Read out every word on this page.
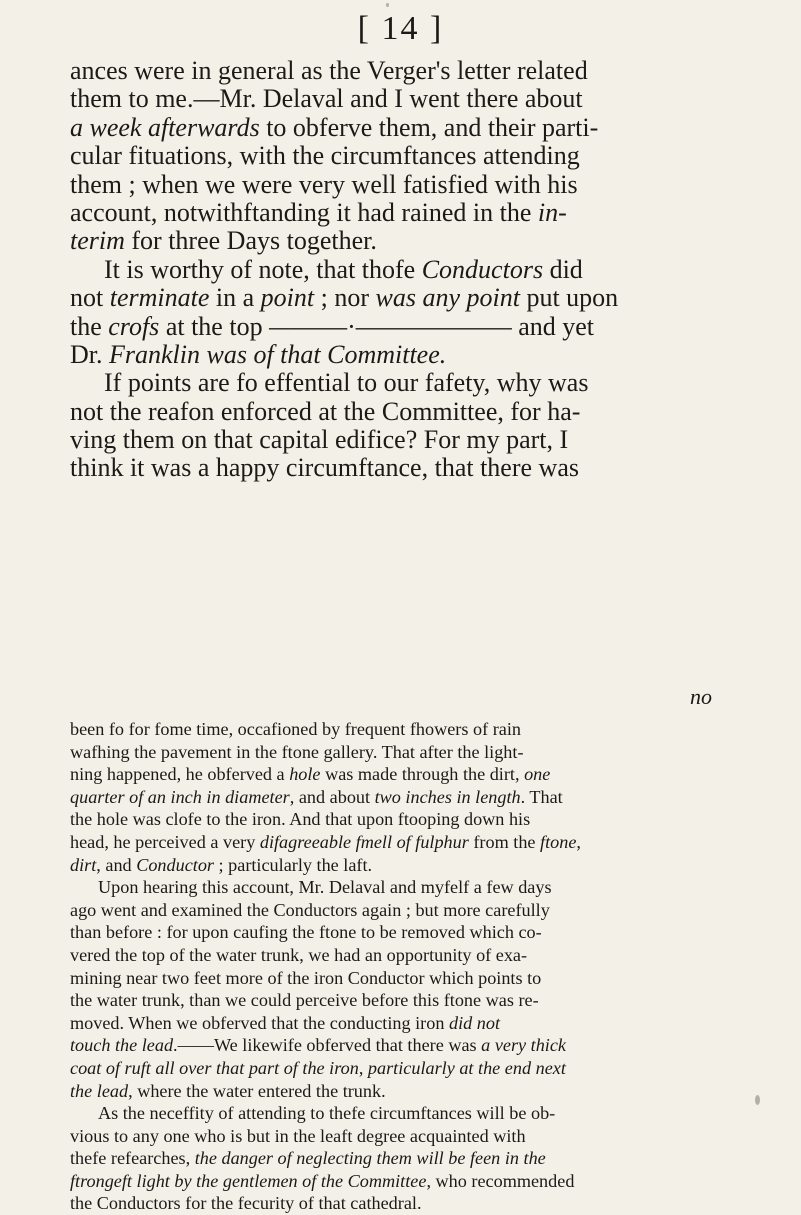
[ 14 ]
ances were in general as the Verger's letter related
them to me.—Mr. Delaval and I went there about
a week afterwards to obferve them, and their parti-
cular fituations, with the circumftances attending
them ; when we were very well fatisfied with his
account, notwithftanding it had rained in the in-
terim for three Days together.
It is worthy of note, that thofe Conductors did
not terminate in a point ; nor was any point put upon
the crofs at the top ———·—————— and yet
Dr. Franklin was of that Committee.
If points are fo effential to our fafety, why was
not the reafon enforced at the Committee, for ha-
ving them on that capital edifice? For my part, I
think it was a happy circumftance, that there was
no
been fo for fome time, occafioned by frequent fhowers of rain
wafhing the pavement in the ftone gallery. That after the light-
ning happened, he obferved a hole was made through the dirt, one
quarter of an inch in diameter, and about two inches in length. That
the hole was clofe to the iron. And that upon ftooping down his
head, he perceived a very difagreeable fmell of fulphur from the ftone,
dirt, and Conductor ; particularly the laft.
Upon hearing this account, Mr. Delaval and myfelf a few days
ago went and examined the Conductors again ; but more carefully
than before : for upon caufing the ftone to be removed which co-
vered the top of the water trunk, we had an opportunity of exa-
mining near two feet more of the iron Conductor which points to
the water trunk, than we could perceive before this ftone was re-
moved. When we obferved that the conducting iron did not
touch the lead.——We likewife obferved that there was a very thick
coat of ruft all over that part of the iron, particularly at the end next
the lead, where the water entered the trunk.
As the neceffity of attending to thefe circumftances will be ob-
vious to any one who is but in the leaft degree acquainted with
thefe refearches, the danger of neglecting them will be feen in the
ftrongeft light by the gentlemen of the Committee, who recommended
the Conductors for the fecurity of that cathedral.
